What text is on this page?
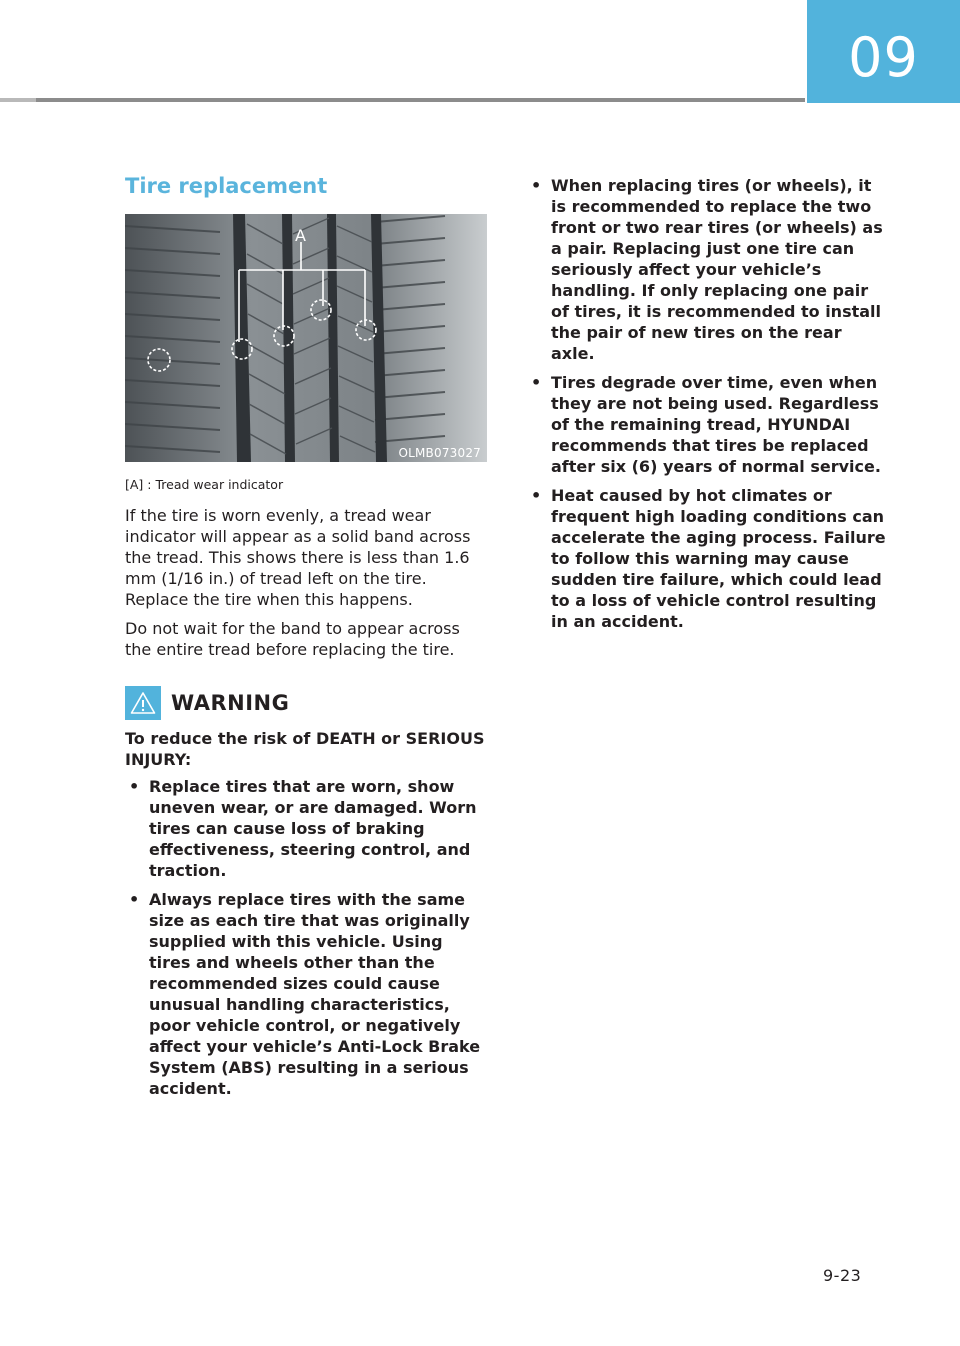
09
Tire replacement
A
OLMB073027
[A] : Tread wear indicator

If the tire is worn evenly, a tread wear indicator will appear as a solid band across the tread. This shows there is less than 1.6 mm (1/16 in.) of tread left on the tire. Replace the tire when this happens.

Do not wait for the band to appear across the entire tread before replacing the tire.

WARNING
To reduce the risk of DEATH or SERIOUS INJURY:
• Replace tires that are worn, show uneven wear, or are damaged. Worn tires can cause loss of braking effectiveness, steering control, and traction.
• Always replace tires with the same size as each tire that was originally supplied with this vehicle. Using tires and wheels other than the recommended sizes could cause unusual handling characteristics, poor vehicle control, or negatively affect your vehicle’s Anti-Lock Brake System (ABS) resulting in a serious accident.
• When replacing tires (or wheels), it is recommended to replace the two front or two rear tires (or wheels) as a pair. Replacing just one tire can seriously affect your vehicle’s handling. If only replacing one pair of tires, it is recommended to install the pair of new tires on the rear axle.
• Tires degrade over time, even when they are not being used. Regardless of the remaining tread, HYUNDAI recommends that tires be replaced after six (6) years of normal service.
• Heat caused by hot climates or frequent high loading conditions can accelerate the aging process. Failure to follow this warning may cause sudden tire failure, which could lead to a loss of vehicle control resulting in an accident.
9-23
